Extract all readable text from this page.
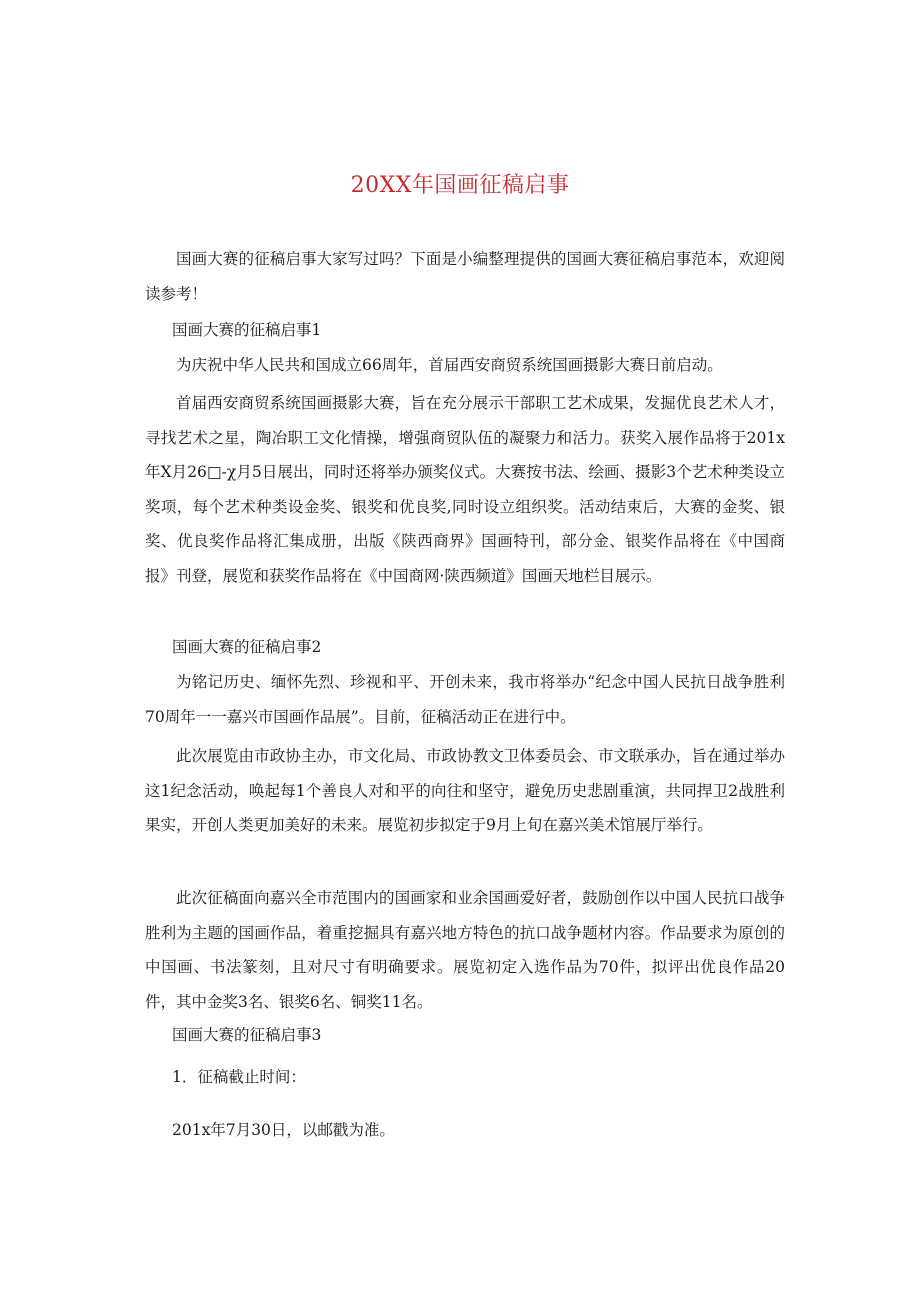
20XX年国画征稿启事

国画大赛的征稿启事大家写过吗？下面是小编整理提供的国画大赛征稿启事范本，欢迎阅读参考！

国画大赛的征稿启事1

为庆祝中华人民共和国成立66周年，首届西安商贸系统国画摄影大赛日前启动。

首届西安商贸系统国画摄影大赛，旨在充分展示干部职工艺术成果，发掘优良艺术人才，寻找艺术之星，陶冶职工文化情操，增强商贸队伍的凝聚力和活力。获奖入展作品将于201x年X月26□-χ月5日展出，同时还将举办颁奖仪式。大赛按书法、绘画、摄影3个艺术种类设立奖项，每个艺术种类设金奖、银奖和优良奖,同时设立组织奖。活动结束后，大赛的金奖、银奖、优良奖作品将汇集成册，出版《陕西商界》国画特刊，部分金、银奖作品将在《中国商报》刊登，展览和获奖作品将在《中国商网·陕西频道》国画天地栏目展示。

国画大赛的征稿启事2

为铭记历史、缅怀先烈、珍视和平、开创未来，我市将举办“纪念中国人民抗日战争胜利70周年一一嘉兴市国画作品展”。目前，征稿活动正在进行中。

此次展览由市政协主办，市文化局、市政协教文卫体委员会、市文联承办，旨在通过举办这1纪念活动，唤起每1个善良人对和平的向往和坚守，避免历史悲剧重演，共同捍卫2战胜利果实，开创人类更加美好的未来。展览初步拟定于9月上旬在嘉兴美术馆展厅举行。

此次征稿面向嘉兴全市范围内的国画家和业余国画爱好者，鼓励创作以中国人民抗口战争胜利为主题的国画作品，着重挖掘具有嘉兴地方特色的抗口战争题材内容。作品要求为原创的中国画、书法篆刻，且对尺寸有明确要求。展览初定入选作品为70件，拟评出优良作品20件，其中金奖3名、银奖6名、铜奖11名。

国画大赛的征稿启事3
1．征稿截止时间：
201x年7月30日，以邮戳为准。
